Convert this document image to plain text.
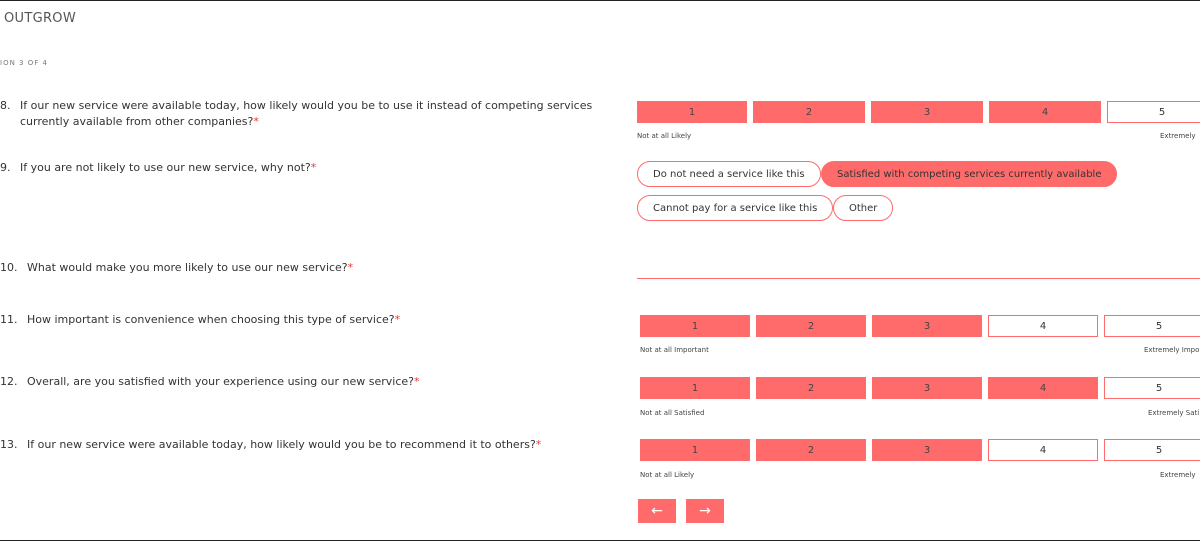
OUTGROW
ION 3 OF 4
8. If our new service were available today, how likely would you be to use it instead of competing services
currently available from other companies?*
1	2	3	4	5
Not at all Likely	Extremely
9. If you are not likely to use our new service, why not?*	Do not need a service like this	Satisfied with competing services currently available
Cannot pay for a service like this	Other
10. What would make you more likely to use our new service?*
11. How important is convenience when choosing this type of service?*	1	2	3	4	5
Not at all Important	Extremely Impo
12. Overall, are you satisfied with your experience using our new service?*	1	2	3	4	5
Not at all Satisfied	Extremely Sati
13. If our new service were available today, how likely would you be to recommend it to others?*	1	2	3	4	5
Not at all Likely	Extremely
←	→
